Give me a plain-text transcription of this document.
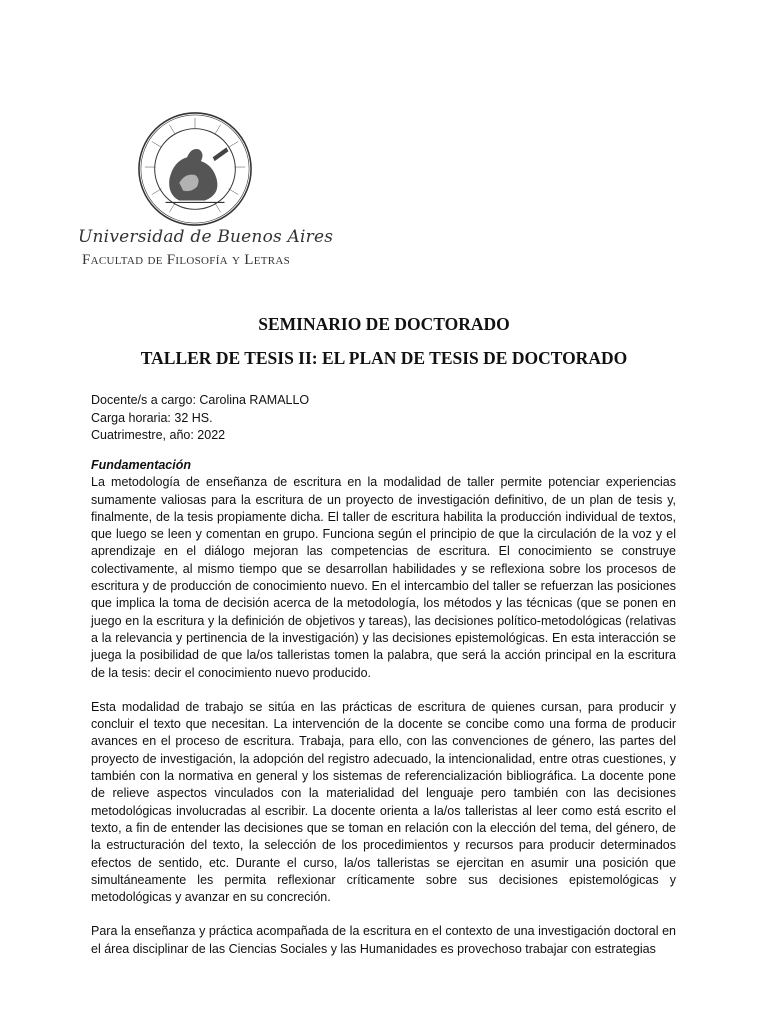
Universidad de Buenos Aires
Facultad de Filosofía y Letras
SEMINARIO DE DOCTORADO
TALLER DE TESIS II: EL PLAN DE TESIS DE DOCTORADO
Docente/s a cargo: Carolina RAMALLO
Carga horaria: 32 HS.
Cuatrimestre, año: 2022
Fundamentación

La metodología de enseñanza de escritura en la modalidad de taller permite potenciar experiencias sumamente valiosas para la escritura de un proyecto de investigación definitivo, de un plan de tesis y, finalmente, de la tesis propiamente dicha. El taller de escritura habilita la producción individual de textos, que luego se leen y comentan en grupo. Funciona según el principio de que la circulación de la voz y el aprendizaje en el diálogo mejoran las competencias de escritura. El conocimiento se construye colectivamente, al mismo tiempo que se desarrollan habilidades y se reflexiona sobre los procesos de escritura y de producción de conocimiento nuevo. En el intercambio del taller se refuerzan las posiciones que implica la toma de decisión acerca de la metodología, los métodos y las técnicas (que se ponen en juego en la escritura y la definición de objetivos y tareas), las decisiones político-metodológicas (relativas a la relevancia y pertinencia de la investigación) y las decisiones epistemológicas. En esta interacción se juega la posibilidad de que la/os talleristas tomen la palabra, que será la acción principal en la escritura de la tesis: decir el conocimiento nuevo producido.

Esta modalidad de trabajo se sitúa en las prácticas de escritura de quienes cursan, para producir y concluir el texto que necesitan. La intervención de la docente se concibe como una forma de producir avances en el proceso de escritura. Trabaja, para ello, con las convenciones de género, las partes del proyecto de investigación, la adopción del registro adecuado, la intencionalidad, entre otras cuestiones, y también con la normativa en general y los sistemas de referencialización bibliográfica. La docente pone de relieve aspectos vinculados con la materialidad del lenguaje pero también con las decisiones metodológicas involucradas al escribir. La docente orienta a la/os talleristas al leer como está escrito el texto, a fin de entender las decisiones que se toman en relación con la elección del tema, del género, de la estructuración del texto, la selección de los procedimientos y recursos para producir determinados efectos de sentido, etc. Durante el curso, la/os talleristas se ejercitan en asumir una posición que simultáneamente les permita reflexionar críticamente sobre sus decisiones epistemológicas y metodológicas y avanzar en su concreción.

Para la enseñanza y práctica acompañada de la escritura en el contexto de una investigación doctoral en el área disciplinar de las Ciencias Sociales y las Humanidades es provechoso trabajar con estrategias
